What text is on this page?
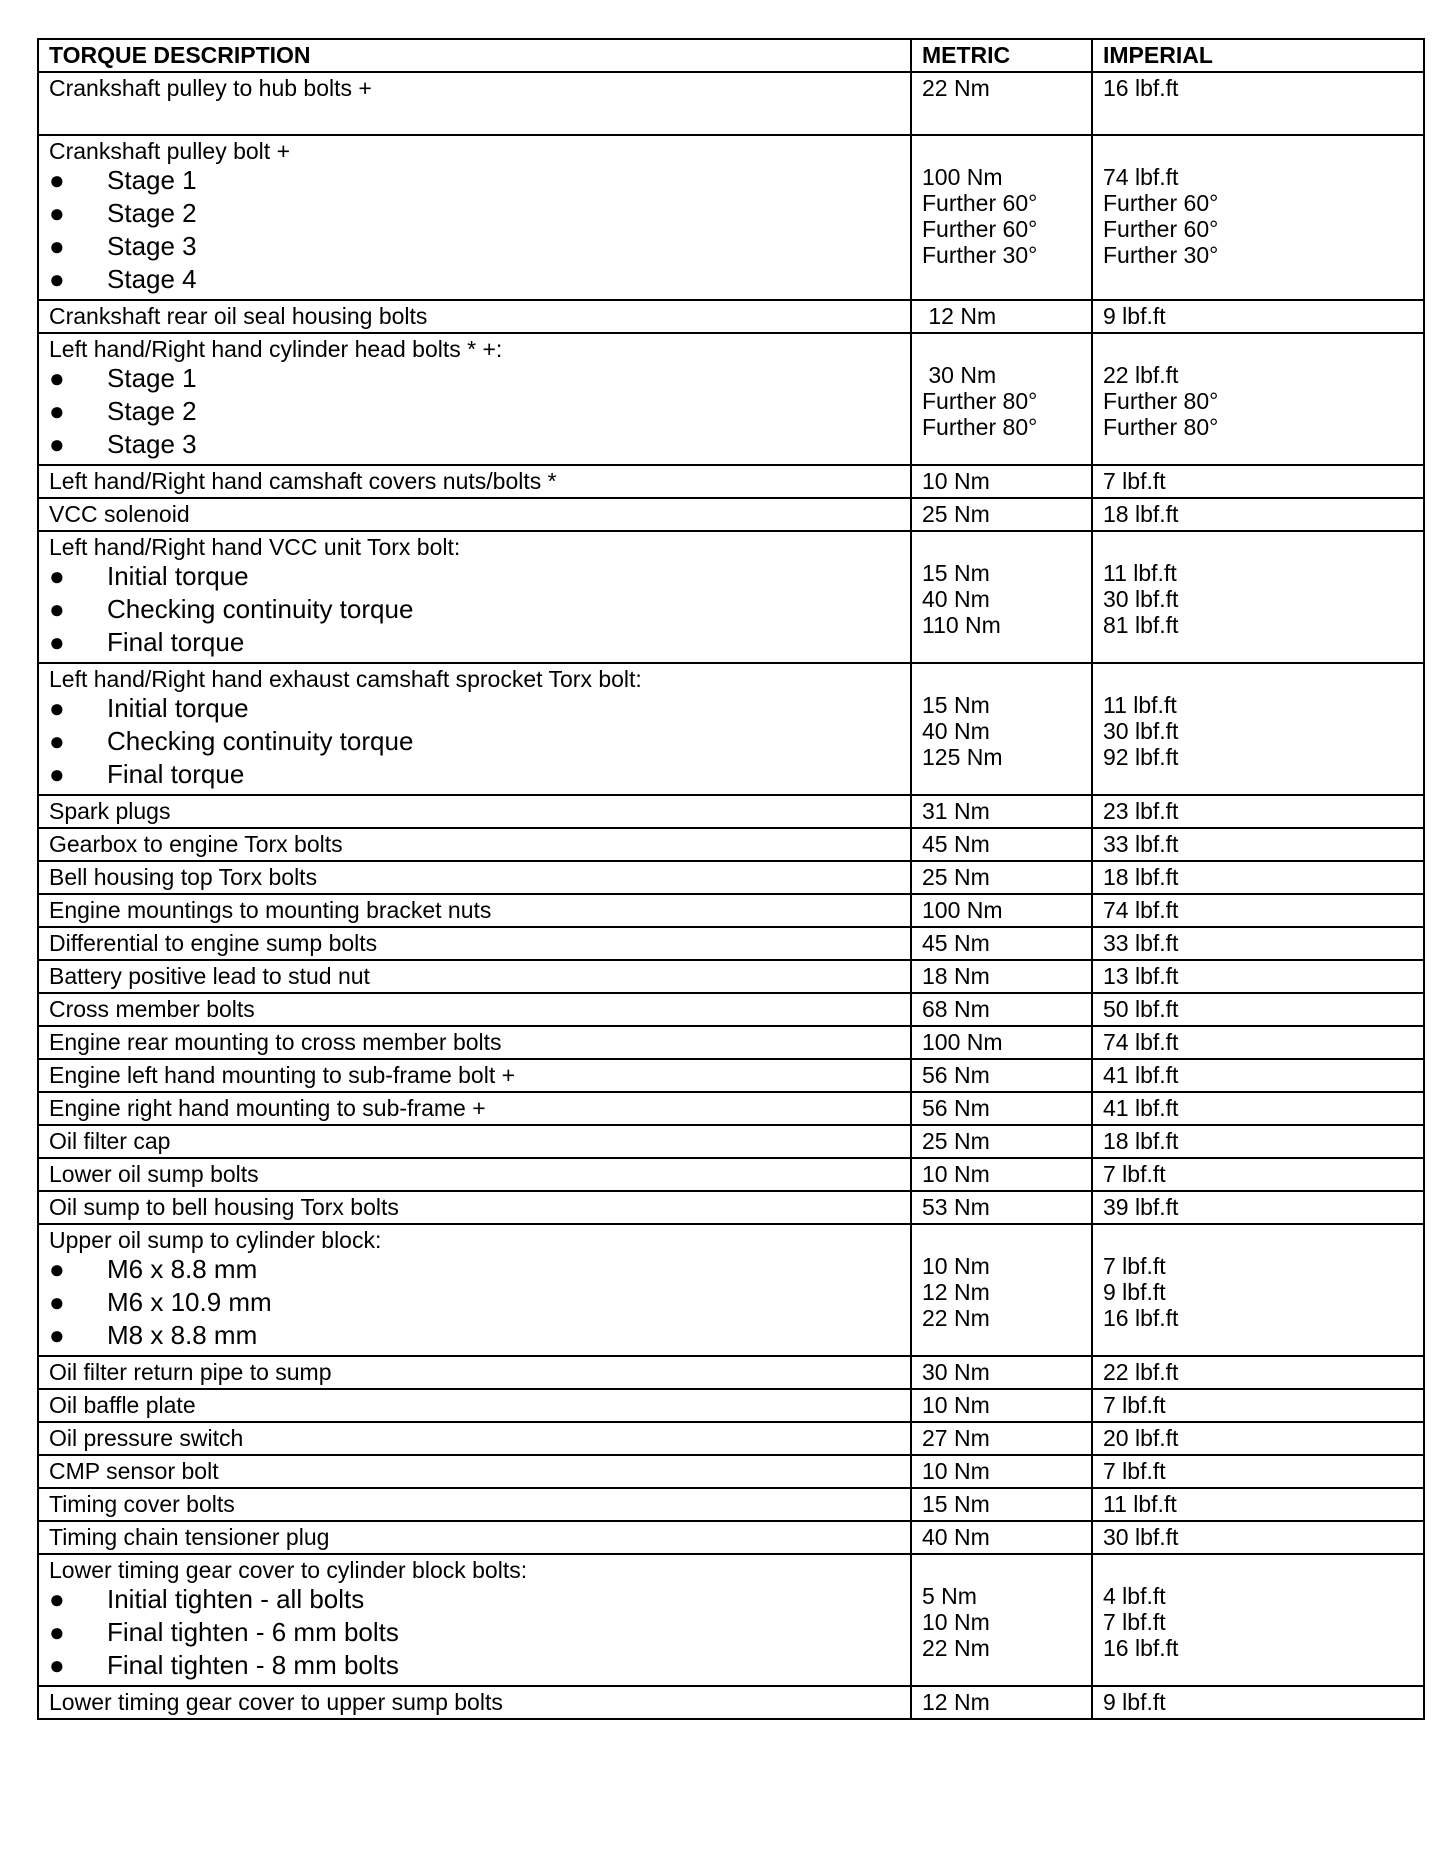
TORQUE DESCRIPTION	METRIC	IMPERIAL

Crankshaft pulley to hub bolts +	22 Nm	16 lbf.ft

Crankshaft pulley bolt +
● Stage 1
● Stage 2
● Stage 3
● Stage 4	100 Nm
Further 60°
Further 60°
Further 30°	74 lbf.ft
Further 60°
Further 60°
Further 30°

Crankshaft rear oil seal housing bolts	12 Nm	9 lbf.ft

Left hand/Right hand cylinder head bolts * +:
● Stage 1
● Stage 2
● Stage 3	30 Nm
Further 80°
Further 80°	22 lbf.ft
Further 80°
Further 80°

Left hand/Right hand camshaft covers nuts/bolts *	10 Nm	7 lbf.ft

VCC solenoid	25 Nm	18 lbf.ft

Left hand/Right hand VCC unit Torx bolt:
● Initial torque
● Checking continuity torque
● Final torque	15 Nm
40 Nm
110 Nm	11 lbf.ft
30 lbf.ft
81 lbf.ft

Left hand/Right hand exhaust camshaft sprocket Torx bolt:
● Initial torque
● Checking continuity torque
● Final torque	15 Nm
40 Nm
125 Nm	11 lbf.ft
30 lbf.ft
92 lbf.ft

Spark plugs	31 Nm	23 lbf.ft

Gearbox to engine Torx bolts	45 Nm	33 lbf.ft

Bell housing top Torx bolts	25 Nm	18 lbf.ft

Engine mountings to mounting bracket nuts	100 Nm	74 lbf.ft

Differential to engine sump bolts	45 Nm	33 lbf.ft

Battery positive lead to stud nut	18 Nm	13 lbf.ft

Cross member bolts	68 Nm	50 lbf.ft

Engine rear mounting to cross member bolts	100 Nm	74 lbf.ft

Engine left hand mounting to sub-frame bolt +	56 Nm	41 lbf.ft

Engine right hand mounting to sub-frame +	56 Nm	41 lbf.ft

Oil filter cap	25 Nm	18 lbf.ft

Lower oil sump bolts	10 Nm	7 lbf.ft

Oil sump to bell housing Torx bolts	53 Nm	39 lbf.ft

Upper oil sump to cylinder block:
● M6 x 8.8 mm
● M6 x 10.9 mm
● M8 x 8.8 mm	10 Nm
12 Nm
22 Nm	7 lbf.ft
9 lbf.ft
16 lbf.ft

Oil filter return pipe to sump	30 Nm	22 lbf.ft

Oil baffle plate	10 Nm	7 lbf.ft

Oil pressure switch	27 Nm	20 lbf.ft

CMP sensor bolt	10 Nm	7 lbf.ft

Timing cover bolts	15 Nm	11 lbf.ft

Timing chain tensioner plug	40 Nm	30 lbf.ft

Lower timing gear cover to cylinder block bolts:
● Initial tighten - all bolts
● Final tighten - 6 mm bolts
● Final tighten - 8 mm bolts	5 Nm
10 Nm
22 Nm	4 lbf.ft
7 lbf.ft
16 lbf.ft

Lower timing gear cover to upper sump bolts	12 Nm	9 lbf.ft
